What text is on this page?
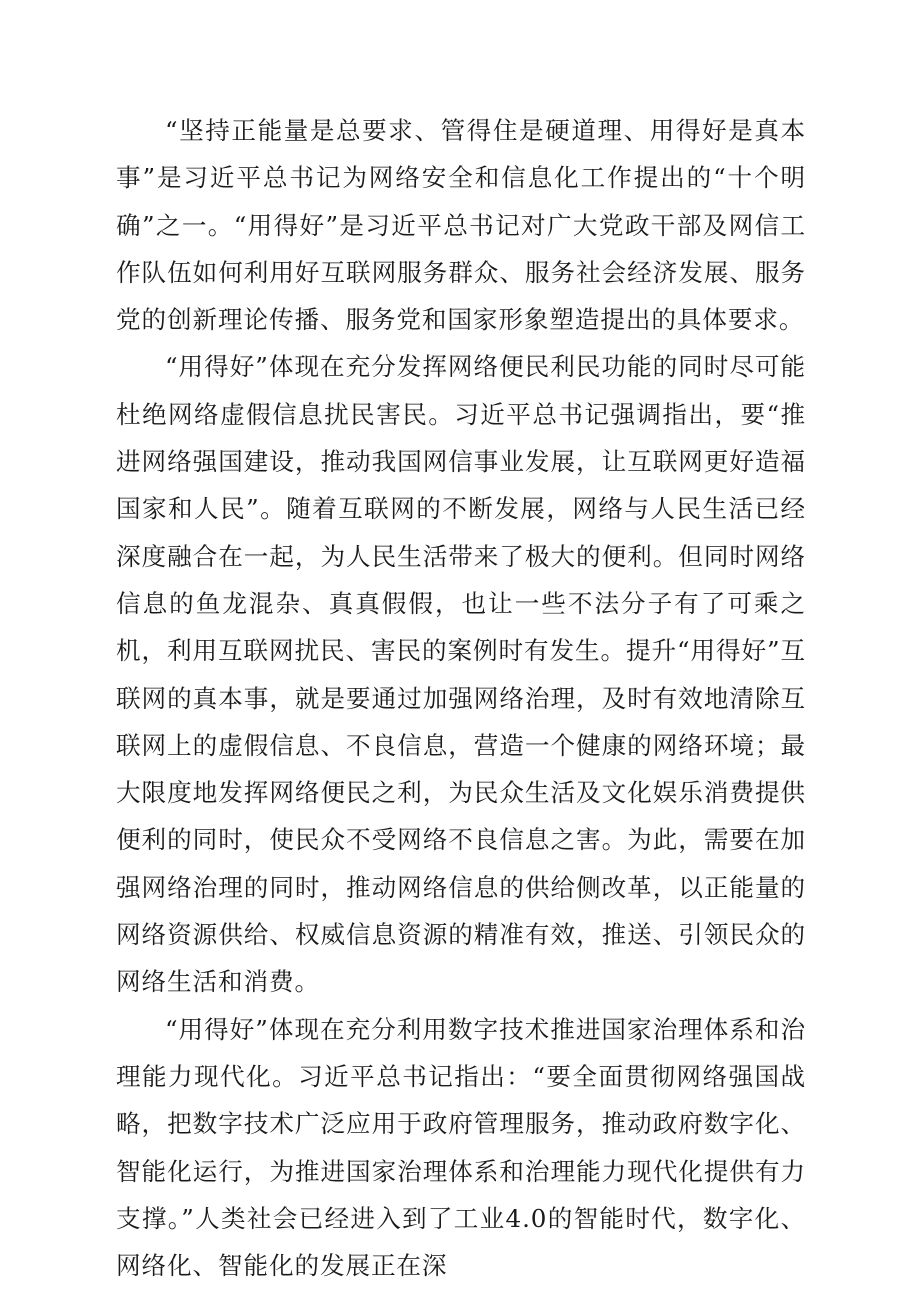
“坚持正能量是总要求、管得住是硬道理、用得好是真本事”是习近平总书记为网络安全和信息化工作提出的“十个明确”之一。“用得好”是习近平总书记对广大党政干部及网信工作队伍如何利用好互联网服务群众、服务社会经济发展、服务党的创新理论传播、服务党和国家形象塑造提出的具体要求。

“用得好”体现在充分发挥网络便民利民功能的同时尽可能杜绝网络虚假信息扰民害民。习近平总书记强调指出，要“推进网络强国建设，推动我国网信事业发展，让互联网更好造福国家和人民”。随着互联网的不断发展，网络与人民生活已经深度融合在一起，为人民生活带来了极大的便利。但同时网络信息的鱼龙混杂、真真假假，也让一些不法分子有了可乘之机，利用互联网扰民、害民的案例时有发生。提升“用得好”互联网的真本事，就是要通过加强网络治理，及时有效地清除互联网上的虚假信息、不良信息，营造一个健康的网络环境；最大限度地发挥网络便民之利，为民众生活及文化娱乐消费提供便利的同时，使民众不受网络不良信息之害。为此，需要在加强网络治理的同时，推动网络信息的供给侧改革，以正能量的网络资源供给、权威信息资源的精准有效，推送、引领民众的网络生活和消费。

“用得好”体现在充分利用数字技术推进国家治理体系和治理能力现代化。习近平总书记指出：“要全面贯彻网络强国战略，把数字技术广泛应用于政府管理服务，推动政府数字化、智能化运行，为推进国家治理体系和治理能力现代化提供有力支撑。”人类社会已经进入到了工业4.0的智能时代，数字化、网络化、智能化的发展正在深
